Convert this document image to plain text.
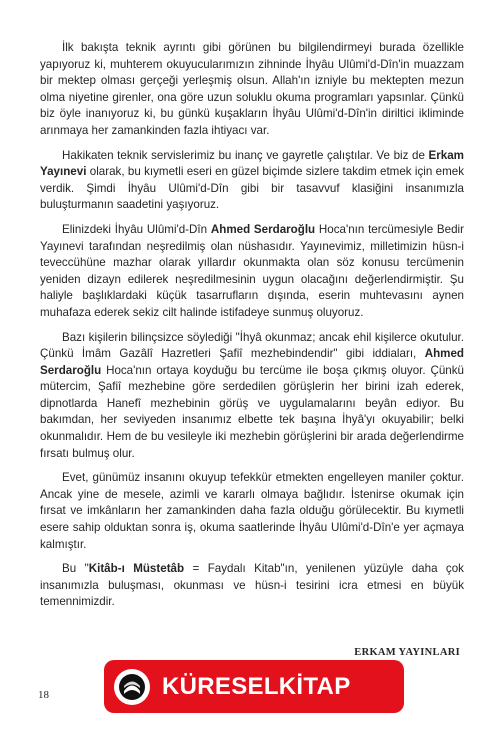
İlk bakışta teknik ayrıntı gibi görünen bu bilgilendirmeyi burada özellikle yapıyoruz ki, muhterem okuyucularımızın zihninde İhyâu Ulûmi'd-Dîn'in muazzam bir mektep olması gerçeği yerleşmiş olsun. Allah'ın izniyle bu mektepten mezun olma niyetine girenler, ona göre uzun soluklu okuma programları yapsınlar. Çünkü biz öyle inanıyoruz ki, bu günkü kuşakların İhyâu Ulûmi'd-Dîn'in diriltici ikliminde arınmaya her zamankinden fazla ihtiyacı var.

Hakikaten teknik servislerimiz bu inanç ve gayretle çalıştılar. Ve biz de Erkam Yayınevi olarak, bu kıymetli eseri en güzel biçimde sizlere takdim etmek için emek verdik. Şimdi İhyâu Ulûmi'd-Dîn gibi bir tasavvuf klasiğini insanımızla buluşturmanın saadetini yaşıyoruz.

Elinizdeki İhyâu Ulûmi'd-Dîn Ahmed Serdaroğlu Hoca'nın tercümesiyle Bedir Yayınevi tarafından neşredilmiş olan nüshasıdır. Yayınevimiz, milletimizin hüsn-i teveccühüne mazhar olarak yıllardır okunmakta olan söz konusu tercümenin yeniden dizayn edilerek neşredilmesinin uygun olacağını değerlendirmiştir. Şu haliyle başlıklardaki küçük tasarrufların dışında, eserin muhtevasını aynen muhafaza ederek sekiz cilt halinde istifadeye sunmuş oluyoruz.

Bazı kişilerin bilinçsizce söylediği "İhyâ okunmaz; ancak ehil kişilerce okutulur. Çünkü İmâm Gazâlî Hazretleri Şafiî mezhebindendir" gibi iddiaları, Ahmed Serdaroğlu Hoca'nın ortaya koyduğu bu tercüme ile boşa çıkmış oluyor. Çünkü mütercim, Şafiî mezhebine göre serdedilen görüşlerin her birini izah ederek, dipnotlarda Hanefî mezhebinin görüş ve uygulamalarını beyân ediyor. Bu bakımdan, her seviyeden insanımız elbette tek başına İhyâ'yı okuyabilir; belki okunmalıdır. Hem de bu vesileyle iki mezhebin görüşlerini bir arada değerlendirme fırsatı bulmuş olur.

Evet, günümüz insanını okuyup tefekkür etmekten engelleyen maniler çoktur. Ancak yine de mesele, azimli ve kararlı olmaya bağlıdır. İstenirse okumak için fırsat ve imkânların her zamankinden daha fazla olduğu görülecektir. Bu kıymetli esere sahip olduktan sonra iş, okuma saatlerinde İhyâu Ulûmi'd-Dîn'e yer açmaya kalmıştır.

Bu "Kitâb-ı Müstetâb = Faydalı Kitab"ın, yenilenen yüzüyle daha çok insanımızla buluşması, okunması ve hüsn-i tesirini icra etmesi en büyük temennimizdir.

ERKAM YAYINLARI
18	KÜRESELKİTAP
